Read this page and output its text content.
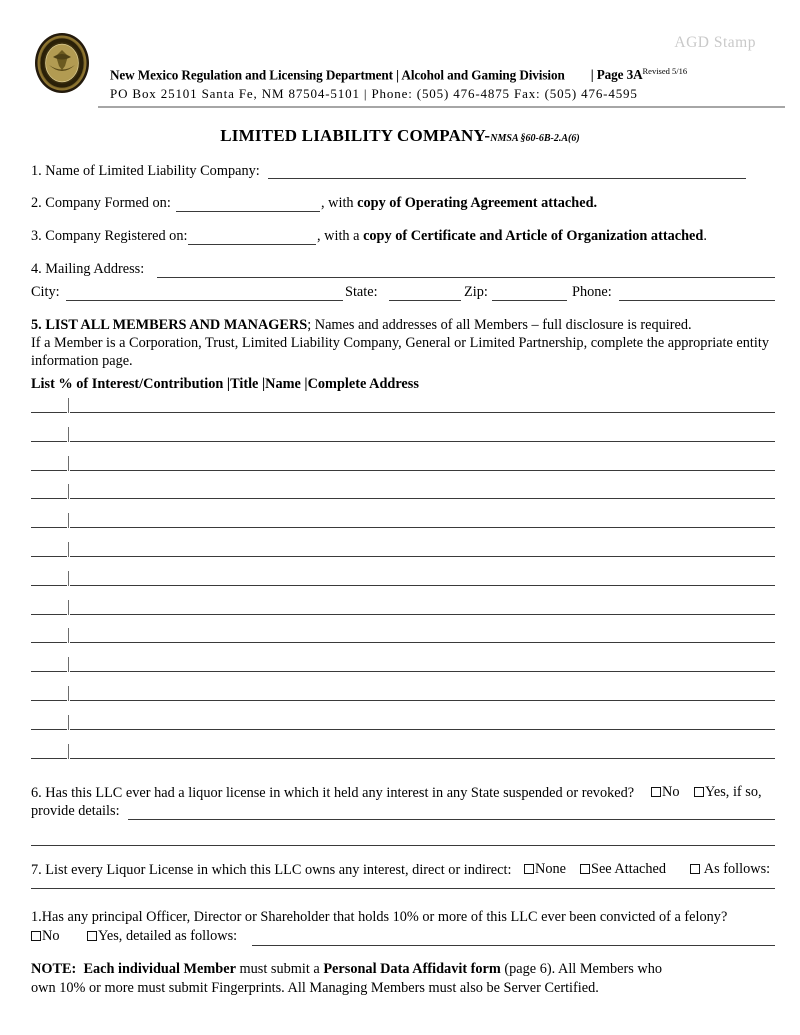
AGD Stamp
New Mexico Regulation and Licensing Department | Alcohol and Gaming Division | Page $3A^{Revised 5/16}$
PO Box 25101 Santa Fe, NM 87504-5101 | Phone: (505) 476-4875 Fax: (505) 476-4595
LIMITED LIABILITY COMPANY-NMSA §60-6B-2.A(6)
1. Name of Limited Liability Company:
2. Company Formed on:	, with copy of Operating Agreement attached.
3. Company Registered on:	, with a copy of Certificate and Article of Organization attached.
4. Mailing Address:
City:	State:	Zip:	Phone:
5. LIST ALL MEMBERS AND MANAGERS; Names and addresses of all Members – full disclosure is required.
If a Member is a Corporation, Trust, Limited Liability Company, General or Limited Partnership, complete the appropriate entity
information page.
List % of Interest/Contribution |Title |Name |Complete Address
6. Has this LLC ever had a liquor license in which it held any interest in any State suspended or revoked?	No	Yes, if so,
provide details:
7. List every Liquor License in which this LLC owns any interest, direct or indirect:	None	See Attached	As follows:
1.Has any principal Officer, Director or Shareholder that holds 10% or more of this LLC ever been convicted of a felony?
No	Yes, detailed as follows:
NOTE: Each individual Member must submit a Personal Data Affidavit form (page 6). All Members who
own 10% or more must submit Fingerprints. All Managing Members must also be Server Certified.
